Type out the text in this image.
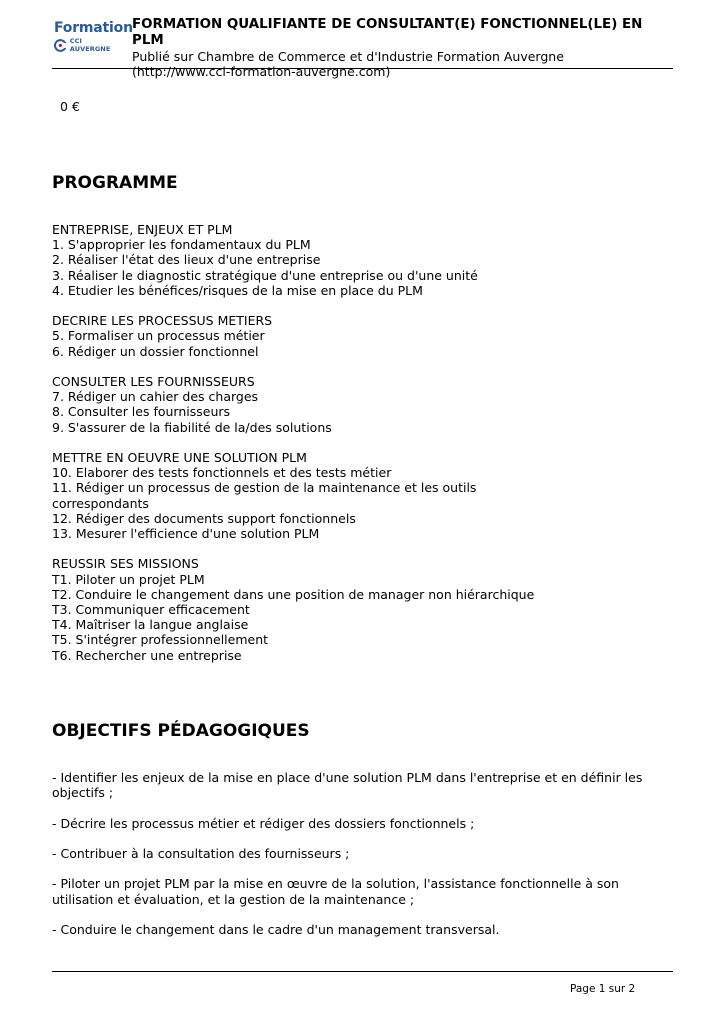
Formation
CCI AUVERGNE
FORMATION QUALIFIANTE DE CONSULTANT(E) FONCTIONNEL(LE) EN PLM
Publié sur Chambre de Commerce et d'Industrie Formation Auvergne
(http://www.cci-formation-auvergne.com)
0 €
PROGRAMME
ENTREPRISE, ENJEUX ET PLM
1. S'approprier les fondamentaux du PLM
2. Réaliser l'état des lieux d'une entreprise
3. Réaliser le diagnostic stratégique d'une entreprise ou d'une unité
4. Etudier les bénéfices/risques de la mise en place du PLM
DECRIRE LES PROCESSUS METIERS
5. Formaliser un processus métier
6. Rédiger un dossier fonctionnel
CONSULTER LES FOURNISSEURS
7. Rédiger un cahier des charges
8. Consulter les fournisseurs
9. S'assurer de la fiabilité de la/des solutions
METTRE EN OEUVRE UNE SOLUTION PLM
10. Elaborer des tests fonctionnels et des tests métier
11. Rédiger un processus de gestion de la maintenance et les outils correspondants
12. Rédiger des documents support fonctionnels
13. Mesurer l'efficience d'une solution PLM
REUSSIR SES MISSIONS
T1. Piloter un projet PLM
T2. Conduire le changement dans une position de manager non hiérarchique
T3. Communiquer efficacement
T4. Maîtriser la langue anglaise
T5. S'intégrer professionnellement
T6. Rechercher une entreprise
OBJECTIFS PÉDAGOGIQUES
- Identifier les enjeux de la mise en place d'une solution PLM dans l'entreprise et en définir les objectifs ;
- Décrire les processus métier et rédiger des dossiers fonctionnels ;
- Contribuer à la consultation des fournisseurs ;
- Piloter un projet PLM par la mise en œuvre de la solution, l'assistance fonctionnelle à son utilisation et évaluation, et la gestion de la maintenance ;
- Conduire le changement dans le cadre d'un management transversal.
Page 1 sur 2
